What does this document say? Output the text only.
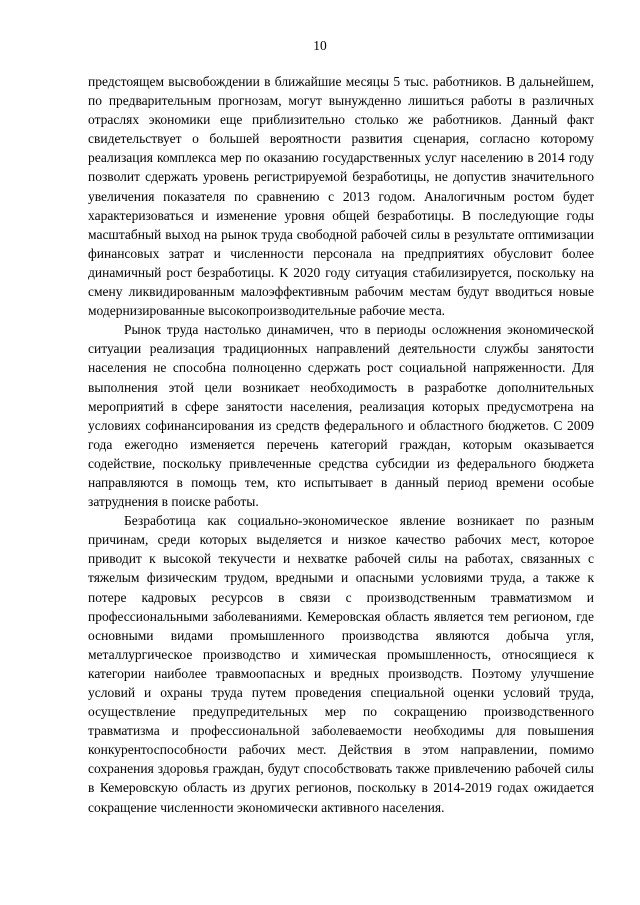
10

предстоящем высвобождении в ближайшие месяцы 5 тыс. работников. В дальнейшем, по предварительным прогнозам, могут вынужденно лишиться работы в различных отраслях экономики еще приблизительно столько же работников. Данный факт свидетельствует о большей вероятности развития сценария, согласно которому реализация комплекса мер по оказанию государственных услуг населению в 2014 году позволит сдержать уровень регистрируемой безработицы, не допустив значительного увеличения показателя по сравнению с 2013 годом. Аналогичным ростом будет характеризоваться и изменение уровня общей безработицы. В последующие годы масштабный выход на рынок труда свободной рабочей силы в результате оптимизации финансовых затрат и численности персонала на предприятиях обусловит более динамичный рост безработицы. К 2020 году ситуация стабилизируется, поскольку на смену ликвидированным малоэффективным рабочим местам будут вводиться новые модернизированные высокопроизводительные рабочие места.

Рынок труда настолько динамичен, что в периоды осложнения экономической ситуации реализация традиционных направлений деятельности службы занятости населения не способна полноценно сдержать рост социальной напряженности. Для выполнения этой цели возникает необходимость в разработке дополнительных мероприятий в сфере занятости населения, реализация которых предусмотрена на условиях софинансирования из средств федерального и областного бюджетов. С 2009 года ежегодно изменяется перечень категорий граждан, которым оказывается содействие, поскольку привлеченные средства субсидии из федерального бюджета направляются в помощь тем, кто испытывает в данный период времени особые затруднения в поиске работы.

Безработица как социально-экономическое явление возникает по разным причинам, среди которых выделяется и низкое качество рабочих мест, которое приводит к высокой текучести и нехватке рабочей силы на работах, связанных с тяжелым физическим трудом, вредными и опасными условиями труда, а также к потере кадровых ресурсов в связи с производственным травматизмом и профессиональными заболеваниями. Кемеровская область является тем регионом, где основными видами промышленного производства являются добыча угля, металлургическое производство и химическая промышленность, относящиеся к категории наиболее травмоопасных и вредных производств. Поэтому улучшение условий и охраны труда путем проведения специальной оценки условий труда, осуществление предупредительных мер по сокращению производственного травматизма и профессиональной заболеваемости необходимы для повышения конкурентоспособности рабочих мест. Действия в этом направлении, помимо сохранения здоровья граждан, будут способствовать также привлечению рабочей силы в Кемеровскую область из других регионов, поскольку в 2014-2019 годах ожидается сокращение численности экономически активного населения.
